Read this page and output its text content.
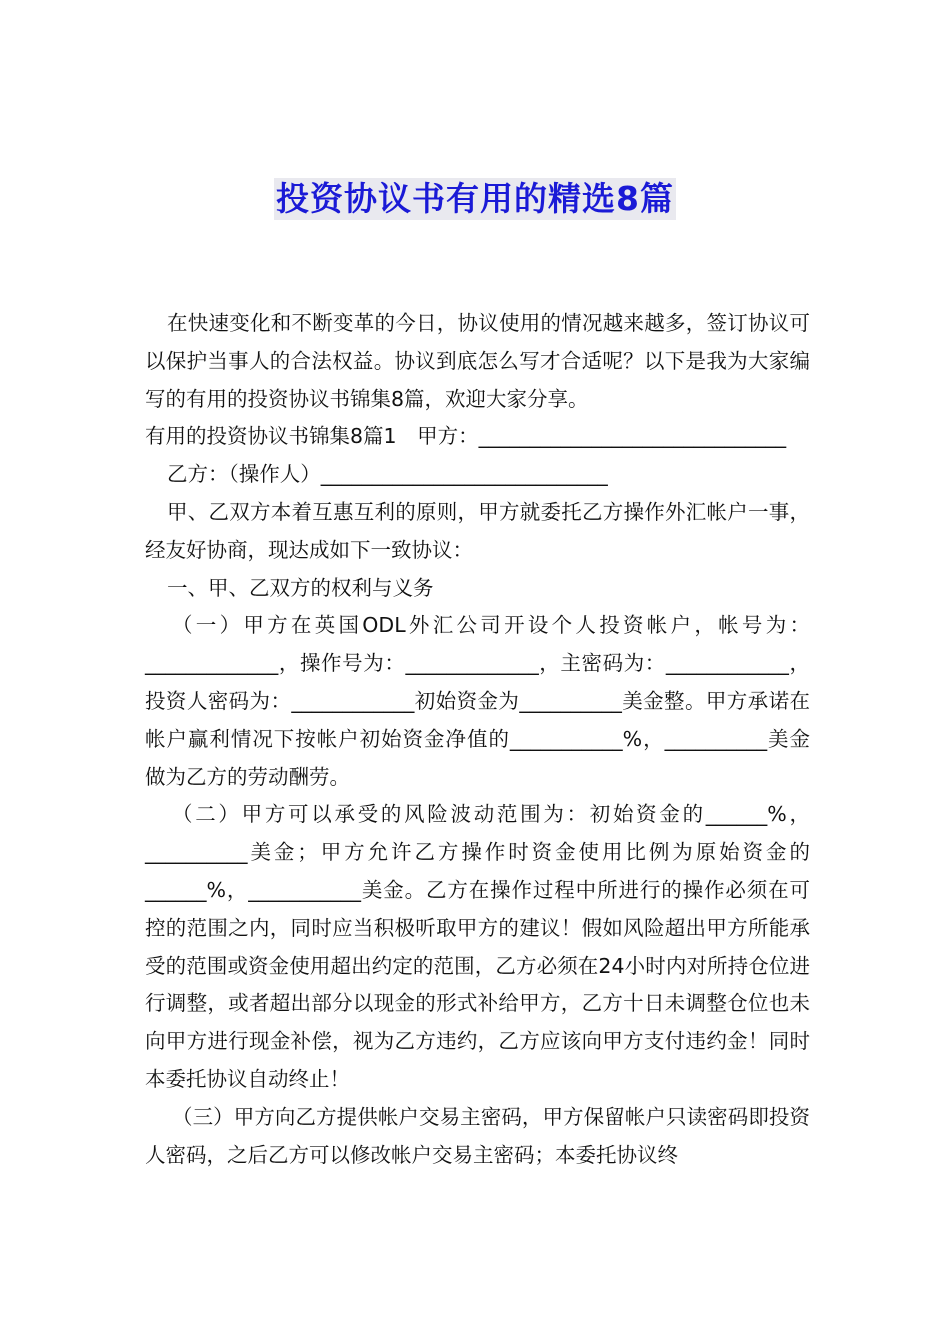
投资协议书有用的精选8篇

在快速变化和不断变革的今日，协议使用的情况越来越多，签订协议可以保护当事人的合法权益。协议到底怎么写才合适呢？以下是我为大家编写的有用的投资协议书锦集8篇，欢迎大家分享。

有用的投资协议书锦集8篇1　甲方：______________________________

乙方：（操作人）____________________________

甲、乙双方本着互惠互利的原则，甲方就委托乙方操作外汇帐户一事，经友好协商，现达成如下一致协议：

一、甲、乙双方的权利与义务

（一）甲方在英国ODL外汇公司开设个人投资帐户，帐号为：_____________，操作号为：_____________，主密码为：____________，投资人密码为：____________初始资金为__________美金整。甲方承诺在帐户赢利情况下按帐户初始资金净值的___________%，__________美金做为乙方的劳动酬劳。

（二）甲方可以承受的风险波动范围为：初始资金的______%，__________美金；甲方允许乙方操作时资金使用比例为原始资金的______%，___________美金。乙方在操作过程中所进行的操作必须在可控的范围之内，同时应当积极听取甲方的建议！假如风险超出甲方所能承受的范围或资金使用超出约定的范围，乙方必须在24小时内对所持仓位进行调整，或者超出部分以现金的形式补给甲方，乙方十日未调整仓位也未向甲方进行现金补偿，视为乙方违约，乙方应该向甲方支付违约金！同时本委托协议自动终止！

（三）甲方向乙方提供帐户交易主密码，甲方保留帐户只读密码即投资人密码，之后乙方可以修改帐户交易主密码；本委托协议终
